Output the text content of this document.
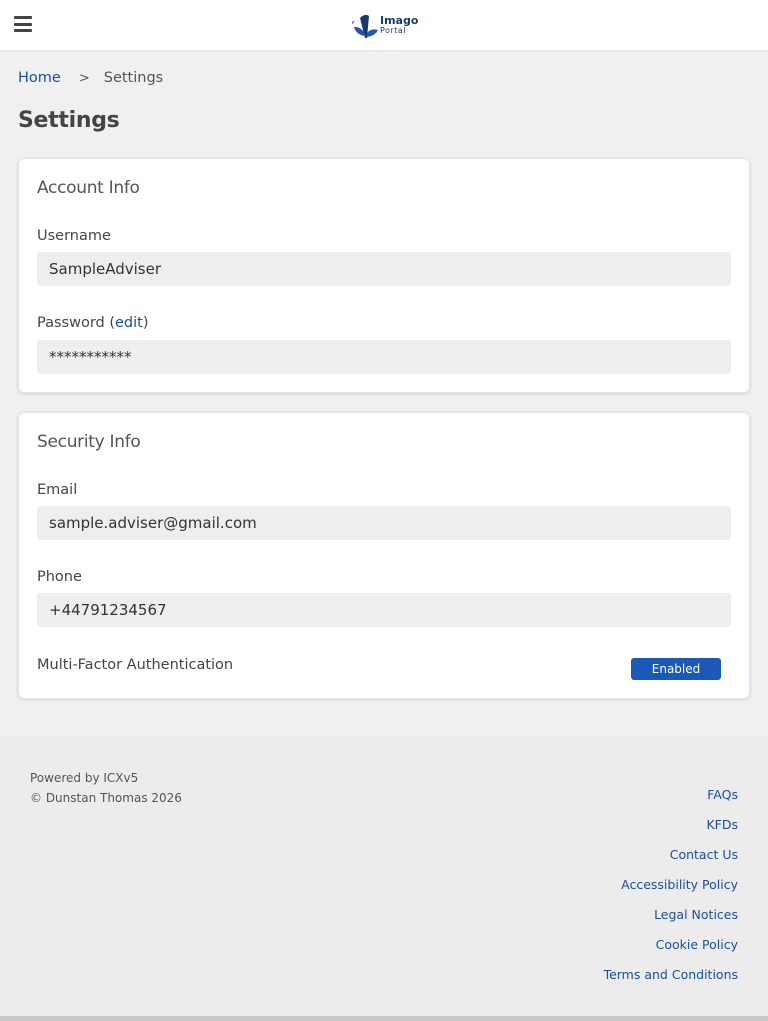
Imago
Portal
Home > Settings
Settings
Account Info
Username
SampleAdviser
Password (edit)
***********
Security Info
Email
sample.adviser@gmail.com
Phone
+44791234567
Multi-Factor Authentication	Enabled
Powered by ICXv5
© Dunstan Thomas 2026	FAQs
KFDs
Contact Us
Accessibility Policy
Legal Notices
Cookie Policy
Terms and Conditions
